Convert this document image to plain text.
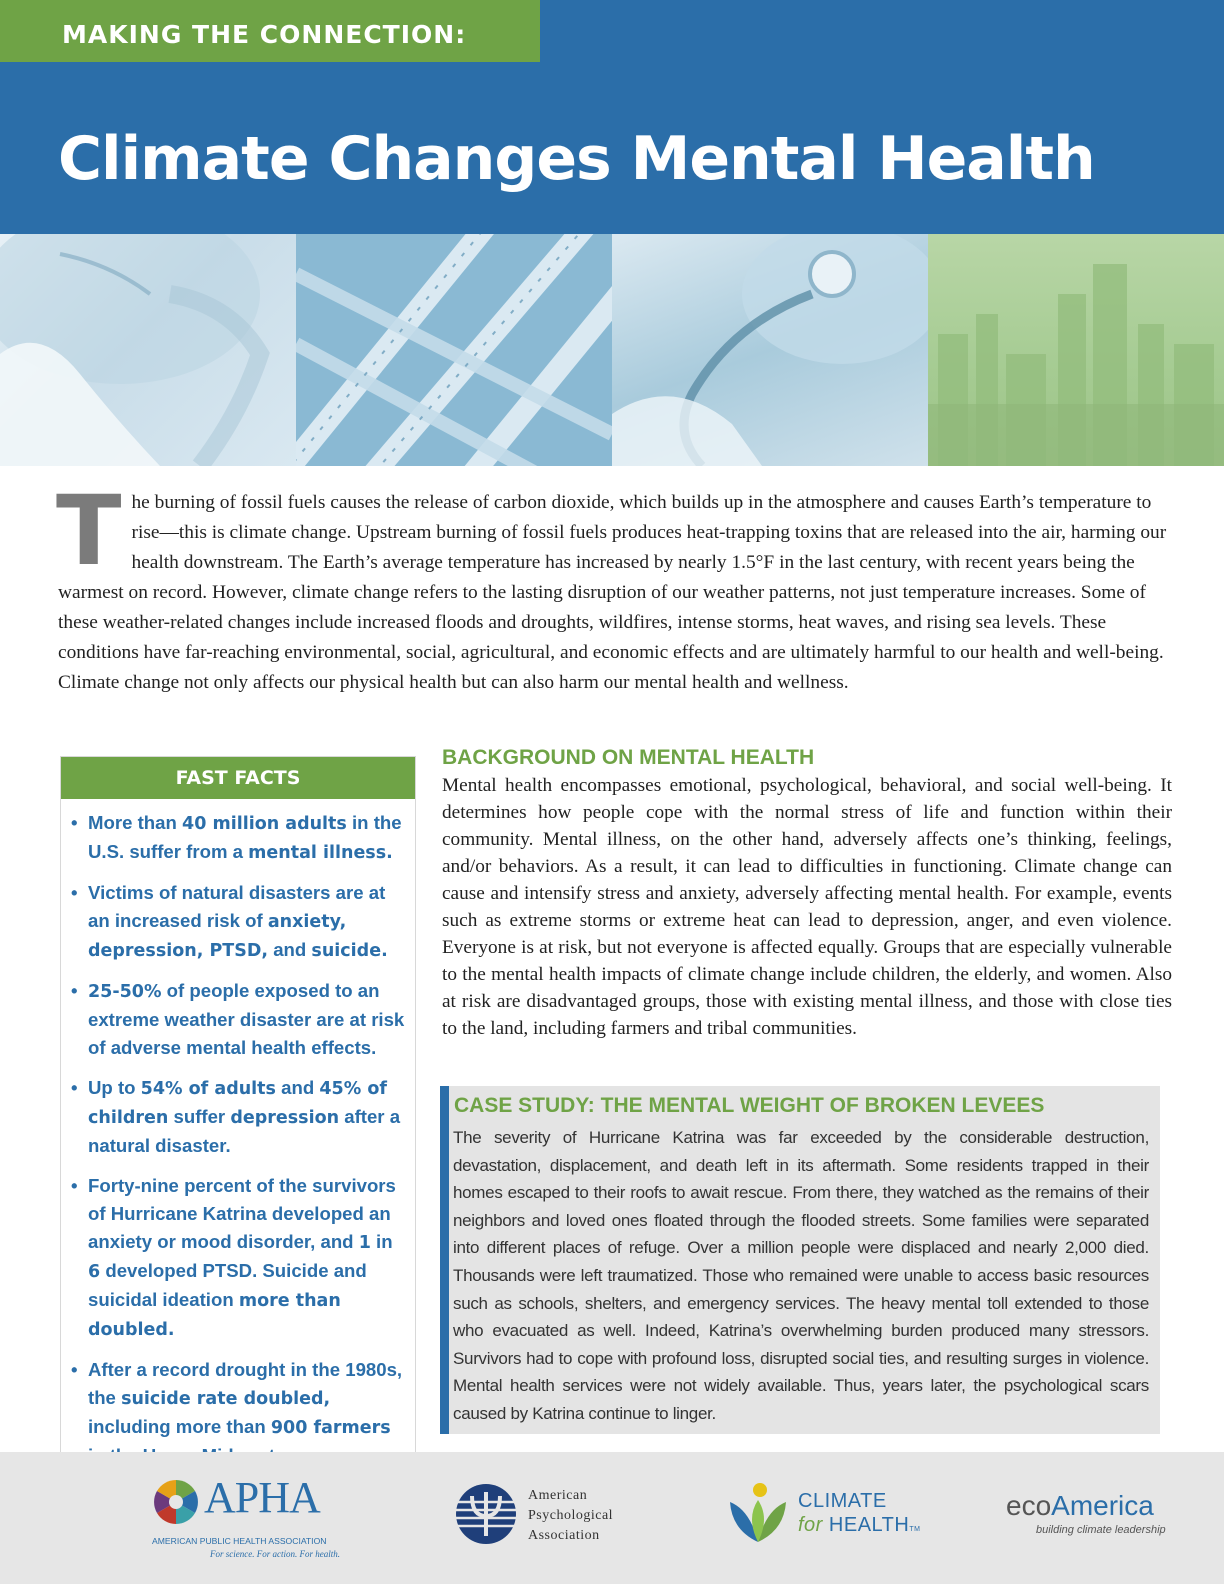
MAKING THE CONNECTION:
Climate Changes Mental Health
The burning of fossil fuels causes the release of carbon dioxide, which builds up in the atmosphere and causes Earth’s temperature to rise—this is climate change. Upstream burning of fossil fuels produces heat-trapping toxins that are released into the air, harming our health downstream. The Earth’s average temperature has increased by nearly 1.5°F in the last century, with recent years being the warmest on record. However, climate change refers to the lasting disruption of our weather patterns, not just temperature increases. Some of these weather-related changes include increased floods and droughts, wildfires, intense storms, heat waves, and rising sea levels. These conditions have far-reaching environmental, social, agricultural, and economic effects and are ultimately harmful to our health and well-being. Climate change not only affects our physical health but can also harm our mental health and wellness.
FAST FACTS
• More than 40 million adults in the U.S. suffer from a mental illness.
• Victims of natural disasters are at an increased risk of anxiety, depression, PTSD, and suicide.
• 25-50% of people exposed to an extreme weather disaster are at risk of adverse mental health effects.
• Up to 54% of adults and 45% of children suffer depression after a natural disaster.
• Forty-nine percent of the survivors of Hurricane Katrina developed an anxiety or mood disorder, and 1 in 6 developed PTSD. Suicide and suicidal ideation more than doubled.
• After a record drought in the 1980s, the suicide rate doubled, including more than 900 farmers
BACKGROUND ON MENTAL HEALTH
Mental health encompasses emotional, psychological, behavioral, and social well-being. It determines how people cope with the normal stress of life and function within their community. Mental illness, on the other hand, adversely affects one’s thinking, feelings, and/or behaviors. As a result, it can lead to difficulties in functioning. Climate change can cause and intensify stress and anxiety, adversely affecting mental health. For example, events such as extreme storms or extreme heat can lead to depression, anger, and even violence. Everyone is at risk, but not everyone is affected equally. Groups that are especially vulnerable to the mental health impacts of climate change include children, the elderly, and women. Also at risk are disadvantaged groups, those with existing mental illness, and those with close ties to the land, including farmers and tribal communities.
CASE STUDY: THE MENTAL WEIGHT OF BROKEN LEVEES
The severity of Hurricane Katrina was far exceeded by the considerable destruction, devastation, displacement, and death left in its aftermath. Some residents trapped in their homes escaped to their roofs to await rescue. From there, they watched as the remains of their neighbors and loved ones floated through the flooded streets. Some families were separated into different places of refuge. Over a million people were displaced and nearly 2,000 died. Thousands were left traumatized. Those who remained were unable to access basic resources such as schools, shelters, and emergency services. The heavy mental toll extended to those who evacuated as well. Indeed, Katrina’s overwhelming burden produced many stressors. Survivors had to cope with profound loss, disrupted social ties, and resulting surges in violence. Mental health services were not widely available. Thus, years later, the psychological scars caused by Katrina continue to linger.
APHA
AMERICAN PUBLIC HEALTH ASSOCIATION
For science. For action. For health.
American
Psychological
Association
CLIMATE
for HEALTHTM
ecoAmerica
building climate leadership
